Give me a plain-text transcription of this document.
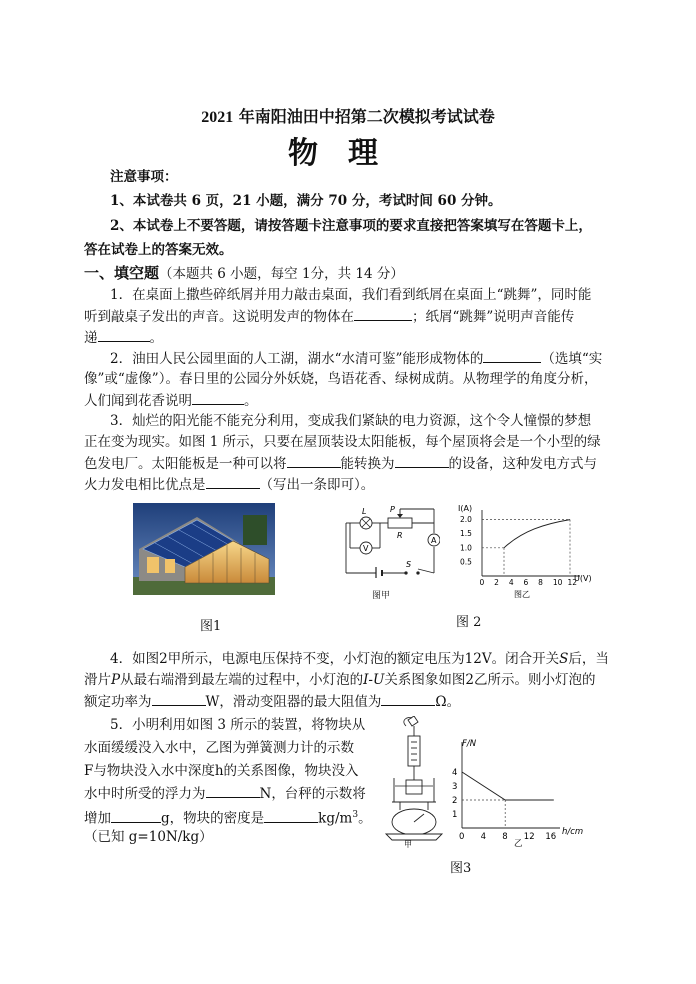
2021 年南阳油田中招第二次模拟考试试卷
物理
注意事项：
1、本试卷共 6 页，21 小题，满分 70 分，考试时间 60 分钟。
2、本试卷上不要答题，请按答题卡注意事项的要求直接把答案填写在答题卡上，
答在试卷上的答案无效。
一、填空题（本题共 6 小题，每空 1分，共 14 分）
1．在桌面上撒些碎纸屑并用力敲击桌面，我们看到纸屑在桌面上“跳舞”，同时能
听到敲桌子发出的声音。这说明发声的物体在	；纸屑“跳舞”说明声音能传
递	。
2．油田人民公园里面的人工湖，湖水“水清可鉴”能形成物体的	（选填“实
像”或“虚像”）。春日里的公园分外妖娆，鸟语花香、绿树成荫。从物理学的角度分析，
人们闻到花香说明	。
3．灿烂的阳光能不能充分利用，变成我们紧缺的电力资源，这个令人憧憬的梦想
正在变为现实。如图 1 所示，只要在屋顶装设太阳能板，每个屋顶将会是一个小型的绿
色发电厂。太阳能板是一种可以将	能转换为	的设备，这种发电方式与
火力发电相比优点是	（写出一条即可）。
图1
V
A
L	P
R
S
图甲
I(A)
U(V)
2.0
1.5
1.0
0.5
0 2 4 6 8 10 12
图乙
图 2
4．如图2甲所示，电源电压保持不变，小灯泡的额定电压为12V。闭合开关S后，当
滑片P从最右端滑到最左端的过程中，小灯泡的I-U关系图象如图2乙所示。则小灯泡的
额定功率为	W，滑动变阻器的最大阻值为	Ω。
5．小明利用如图 3 所示的装置，将物块从
水面缓缓没入水中，乙图为弹簧测力计的示数
F与物块没入水中深度h的关系图像，物块没入
水中时所受的浮力为	N，台秤的示数将
增加	g，物块的密度是	$kg/m^3$。
（已知 g=10N/kg）	甲
F/N
h/cm
4
3
2
1
0 4 8 12 16
乙
图3
